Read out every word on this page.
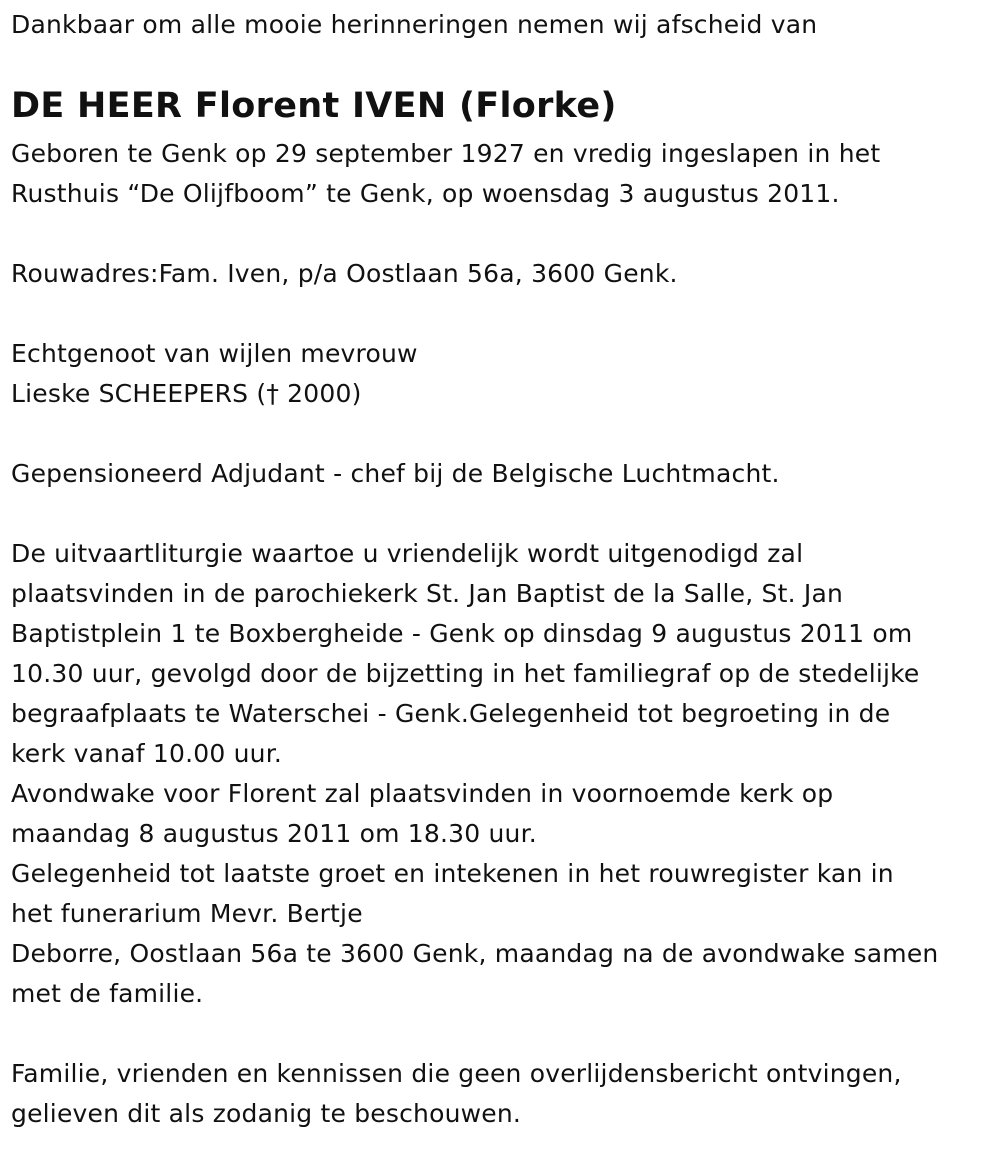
Dankbaar om alle mooie herinneringen nemen wij afscheid van
DE HEER Florent IVEN (Florke)
Geboren te Genk op 29 september 1927 en vredig ingeslapen in het
Rusthuis “De Olijfboom” te Genk, op woensdag 3 augustus 2011.
Rouwadres:Fam. Iven, p/a Oostlaan 56a, 3600 Genk.
Echtgenoot van wijlen mevrouw
Lieske SCHEEPERS († 2000)
Gepensioneerd Adjudant - chef bij de Belgische Luchtmacht.
De uitvaartliturgie waartoe u vriendelijk wordt uitgenodigd zal
plaatsvinden in de parochiekerk St. Jan Baptist de la Salle, St. Jan
Baptistplein 1 te Boxbergheide - Genk op dinsdag 9 augustus 2011 om
10.30 uur, gevolgd door de bijzetting in het familiegraf op de stedelijke
begraafplaats te Waterschei - Genk.Gelegenheid tot begroeting in de
kerk vanaf 10.00 uur.
Avondwake voor Florent zal plaatsvinden in voornoemde kerk op
maandag 8 augustus 2011 om 18.30 uur.
Gelegenheid tot laatste groet en intekenen in het rouwregister kan in
het funerarium Mevr. Bertje
Deborre, Oostlaan 56a te 3600 Genk, maandag na de avondwake samen
met de familie.
Familie, vrienden en kennissen die geen overlijdensbericht ontvingen,
gelieven dit als zodanig te beschouwen.
